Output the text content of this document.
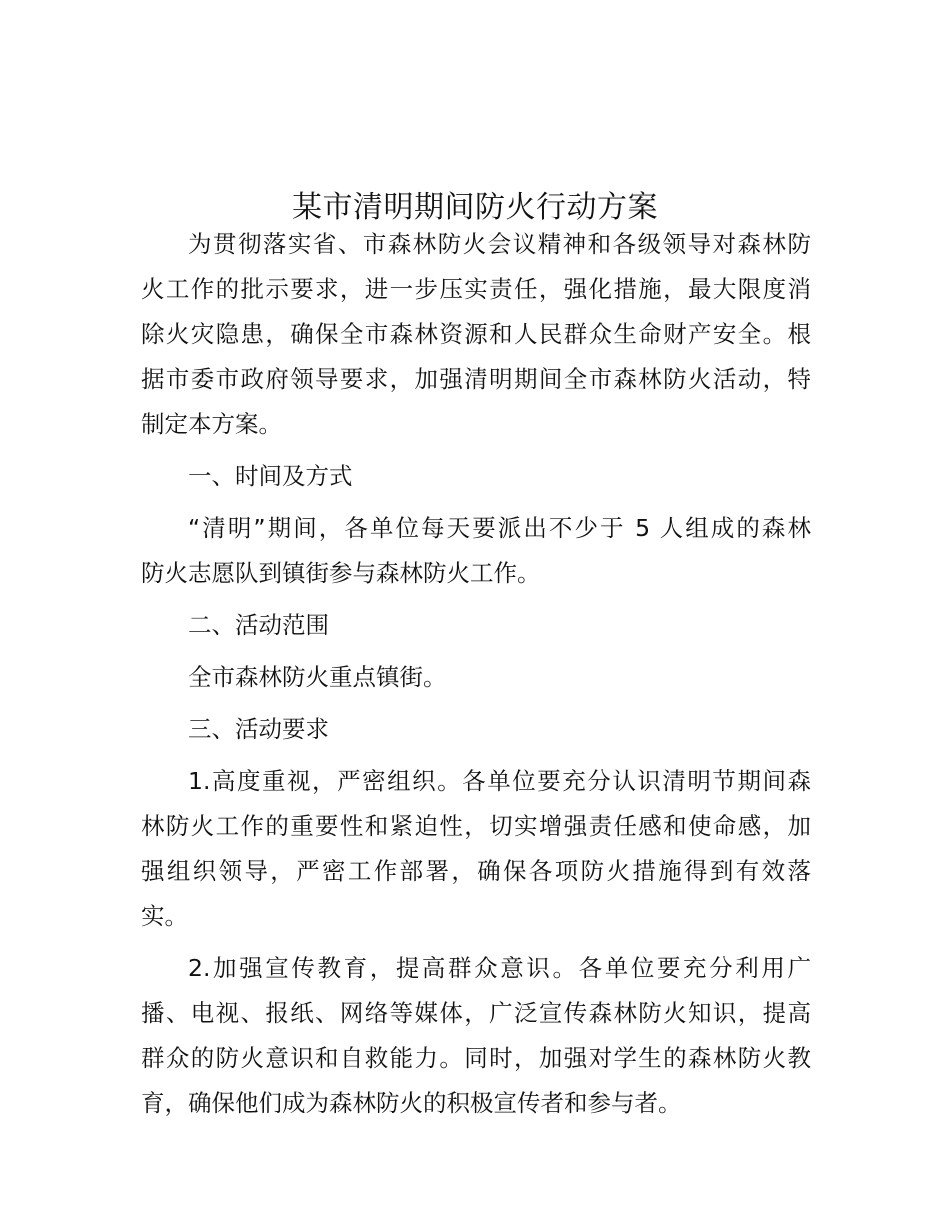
某市清明期间防火行动方案
为贯彻落实省、市森林防火会议精神和各级领导对森林防
火工作的批示要求，进一步压实责任，强化措施，最大限度消
除火灾隐患，确保全市森林资源和人民群众生命财产安全。根
据市委市政府领导要求，加强清明期间全市森林防火活动，特
制定本方案。
一、时间及方式
“清明”期间，各单位每天要派出不少于 5 人组成的森林
防火志愿队到镇街参与森林防火工作。
二、活动范围
全市森林防火重点镇街。
三、活动要求
1.高度重视，严密组织。各单位要充分认识清明节期间森
林防火工作的重要性和紧迫性，切实增强责任感和使命感，加
强组织领导，严密工作部署，确保各项防火措施得到有效落
实。
2.加强宣传教育，提高群众意识。各单位要充分利用广
播、电视、报纸、网络等媒体，广泛宣传森林防火知识，提高
群众的防火意识和自救能力。同时，加强对学生的森林防火教
育，确保他们成为森林防火的积极宣传者和参与者。
